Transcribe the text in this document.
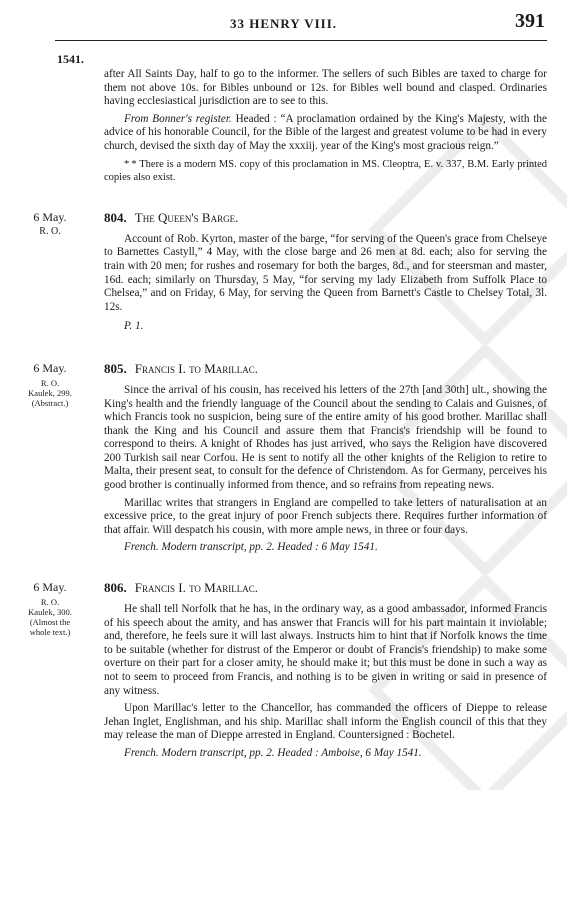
33 HENRY VIII.	391
1541.

after All Saints Day, half to go to the informer. The sellers of such Bibles are taxed to charge for them not above 10s. for Bibles unbound or 12s. for Bibles well bound and clasped. Ordinaries having ecclesiastical jurisdiction are to see to this.

From Bonner's register. Headed : “A proclamation ordained by the King's Majesty, with the advice of his honorable Council, for the Bible of the largest and greatest volume to be had in every church, devised the sixth day of May the xxxiij. year of the King's most gracious reign.”

* * There is a modern MS. copy of this proclamation in MS. Cleoptra, E. v. 337, B.M. Early printed copies also exist.

6 May.
R. O.
804. The Queen's Barge.

Account of Rob. Kyrton, master of the barge, “for serving of the Queen's grace from Chelseye to Barnettes Castyll,” 4 May, with the close barge and 26 men at 8d. each; also for serving the train with 20 men; for rushes and rosemary for both the barges, 8d., and for steersman and master, 16d. each; similarly on Thursday, 5 May, “for serving my lady Elizabeth from Suffolk Place to Chelsea,” and on Friday, 6 May, for serving the Queen from Barnett's Castle to Chelsey Total, 3l. 12s.

P. 1.

6 May.
R. O.
Kaulek, 299.
(Abstract.)
805. Francis I. to Marillac.

Since the arrival of his cousin, has received his letters of the 27th [and 30th] ult., showing the King's health and the friendly language of the Council about the sending to Calais and Guisnes, of which Francis took no suspicion, being sure of the entire amity of his good brother. Marillac shall thank the King and his Council and assure them that Francis's friendship will be found to correspond to theirs. A knight of Rhodes has just arrived, who says the Religion have discovered 200 Turkish sail near Corfou. He is sent to notify all the other knights of the Religion to retire to Malta, their present seat, to consult for the defence of Christendom. As for Germany, perceives his good brother is continually informed from thence, and so refrains from repeating news.

Marillac writes that strangers in England are compelled to take letters of naturalisation at an excessive price, to the great injury of poor French subjects there. Requires further information of that affair. Will despatch his cousin, with more ample news, in three or four days.

French. Modern transcript, pp. 2. Headed : 6 May 1541.

6 May.
R. O.
Kaulek, 300.
(Almost the
whole text.)
806. Francis I. to Marillac.

He shall tell Norfolk that he has, in the ordinary way, as a good ambassador, informed Francis of his speech about the amity, and has answer that Francis will for his part maintain it inviolable; and, therefore, he feels sure it will last always. Instructs him to hint that if Norfolk knows the time to be suitable (whether for distrust of the Emperor or doubt of Francis's friendship) to make some overture on their part for a closer amity, he should make it; but this must be done in such a way as not to seem to proceed from Francis, and nothing is to be given in writing or said in presence of any witness.

Upon Marillac's letter to the Chancellor, has commanded the officers of Dieppe to release Jehan Inglet, Englishman, and his ship. Marillac shall inform the English council of this that they may release the man of Dieppe arrested in England. Countersigned : Bochetel.

French. Modern transcript, pp. 2. Headed : Amboise, 6 May 1541.
